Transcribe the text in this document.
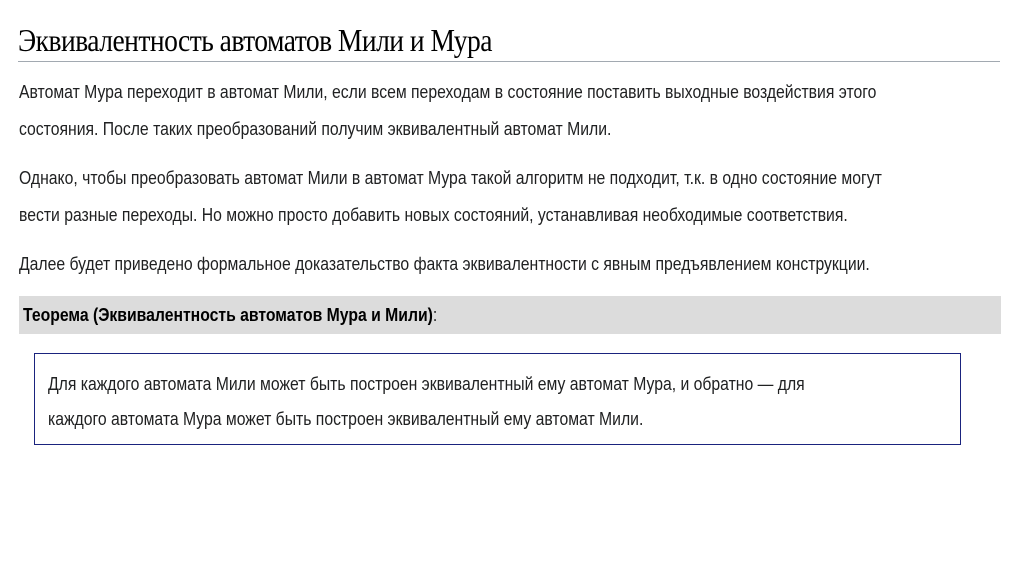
Эквивалентность автоматов Мили и Мура
Автомат Мура переходит в автомат Мили, если всем переходам в состояние поставить выходные воздействия этого
состояния. После таких преобразований получим эквивалентный автомат Мили.
Однако, чтобы преобразовать автомат Мили в автомат Мура такой алгоритм не подходит, т.к. в одно состояние могут
вести разные переходы. Но можно просто добавить новых состояний, устанавливая необходимые соответствия.
Далее будет приведено формальное доказательство факта эквивалентности с явным предъявлением конструкции.
Теорема (Эквивалентность автоматов Мура и Мили):
Для каждого автомата Мили может быть построен эквивалентный ему автомат Мура, и обратно — для
каждого автомата Мура может быть построен эквивалентный ему автомат Мили.
